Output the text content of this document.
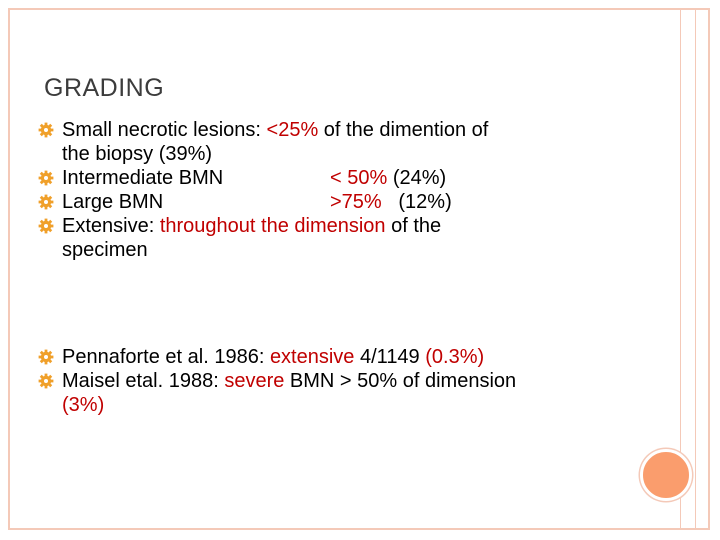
GRADING
Small necrotic lesions: <25% of the dimention of
the biopsy (39%)
Intermediate BMN	< 50% (24%)
Large BMN	>75%   (12%)
Extensive: throughout the dimension of the
specimen
Pennaforte et al. 1986: extensive 4/1149 (0.3%)
Maisel etal. 1988: severe BMN > 50% of dimension
(3%)
